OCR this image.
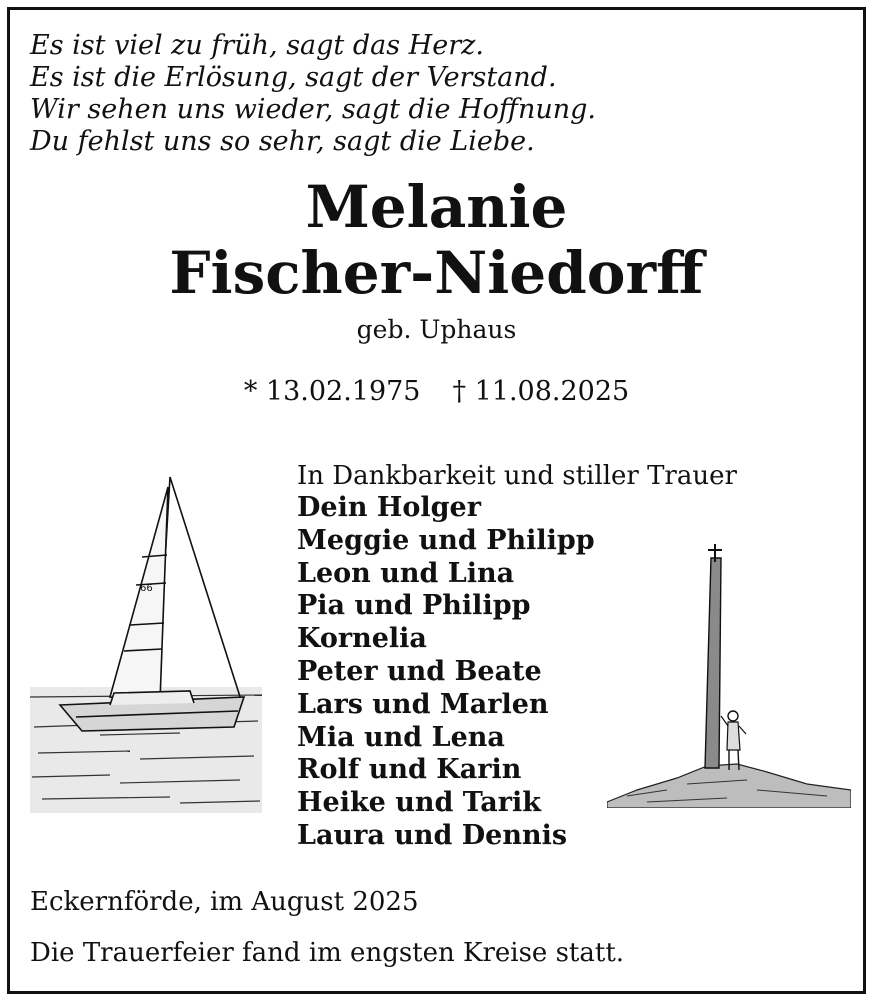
Es ist viel zu früh, sagt das Herz.
Es ist die Erlösung, sagt der Verstand.
Wir sehen uns wieder, sagt die Hoffnung.
Du fehlst uns so sehr, sagt die Liebe.
Melanie
Fischer-Niedorff
geb. Uphaus
* 13.02.1975 † 11.08.2025
66
In Dankbarkeit und stiller Trauer
Dein Holger
Meggie und Philipp
Leon und Lina
Pia und Philipp
Kornelia
Peter und Beate
Lars und Marlen
Mia und Lena
Rolf und Karin
Heike und Tarik
Laura und Dennis
Eckernförde, im August 2025
Die Trauerfeier fand im engsten Kreise statt.
